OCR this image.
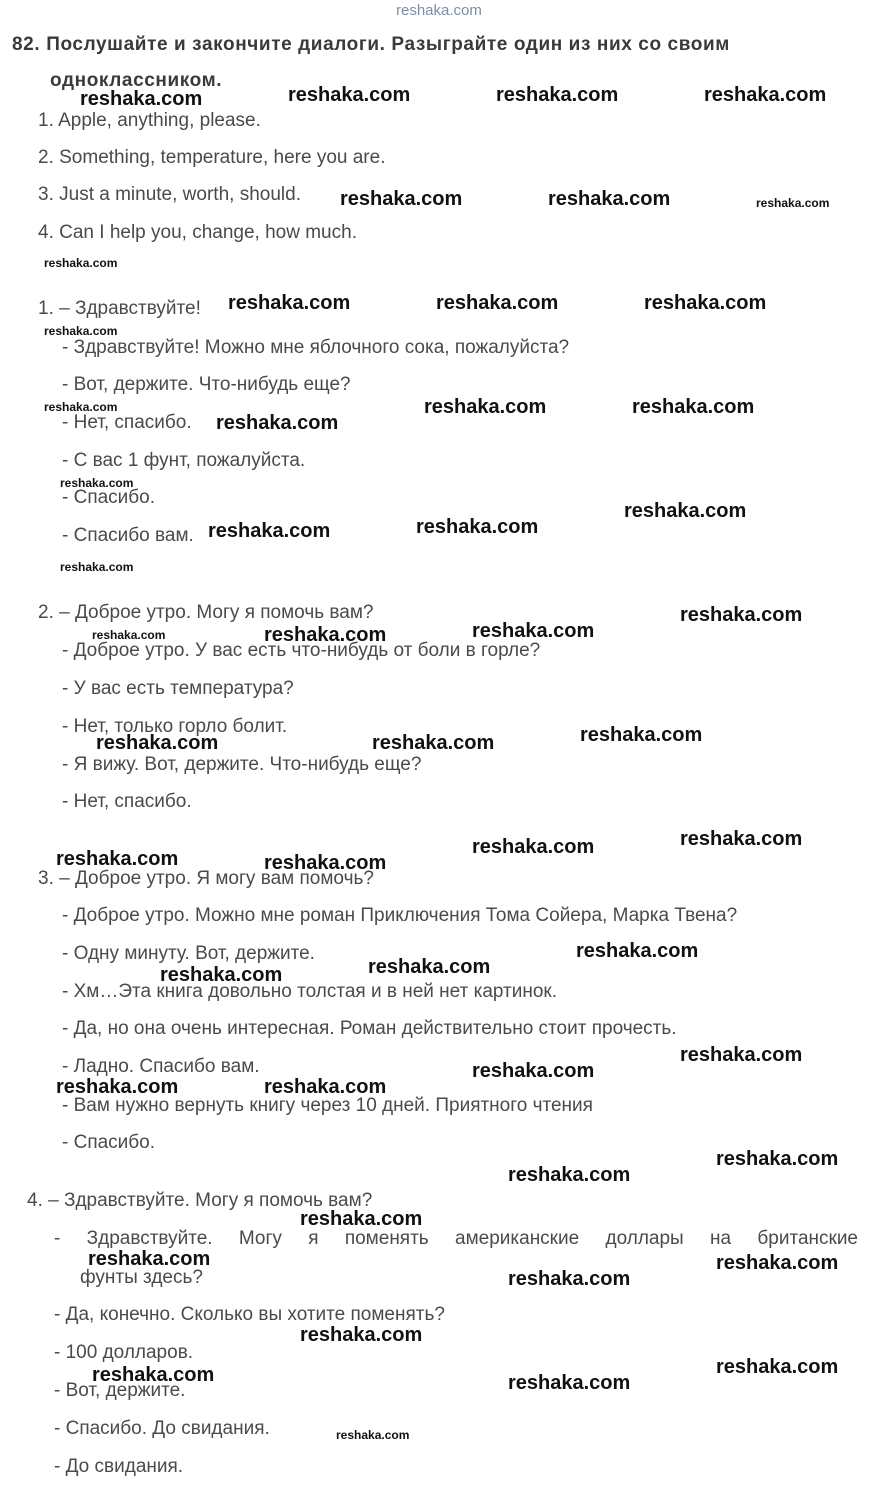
reshaka.com
82. Послушайте и закончите диалоги. Разыграйте один из них со своим
одноклассником.
1. Apple, anything, please.
2. Something, temperature, here you are.
3. Just a minute, worth, should.
4. Can I help you, change, how much.
1. – Здравствуйте!
- Здравствуйте! Можно мне яблочного сока, пожалуйста?
- Вот, держите. Что-нибудь еще?
- Нет, спасибо.
- С вас 1 фунт, пожалуйста.
- Спасибо.
- Спасибо вам.
2. – Доброе утро. Могу я помочь вам?
- Доброе утро. У вас есть что-нибудь от боли в горле?
- У вас есть температура?
- Нет, только горло болит.
- Я вижу. Вот, держите. Что-нибудь еще?
- Нет, спасибо.
3. – Доброе утро. Я могу вам помочь?
- Доброе утро. Можно мне роман Приключения Тома Сойера, Марка Твена?
- Одну минуту. Вот, держите.
- Хм…Эта книга довольно толстая и в ней нет картинок.
- Да, но она очень интересная. Роман действительно стоит прочесть.
- Ладно. Спасибо вам.
- Вам нужно вернуть книгу через 10 дней. Приятного чтения
- Спасибо.
4. – Здравствуйте. Могу я помочь вам?
- Здравствуйте. Могу я поменять американские доллары на британские
фунты здесь?
- Да, конечно. Сколько вы хотите поменять?
- 100 долларов.
- Вот, держите.
- Спасибо. До свидания.
- До свидания.
reshaka.com	reshaka.com	reshaka.com	reshaka.com
reshaka.com	reshaka.com
reshaka.com	reshaka.com	reshaka.com
reshaka.com	reshaka.com
reshaka.com
reshaka.com
reshaka.com
reshaka.com
reshaka.com
reshaka.com
reshaka.com
reshaka.com
reshaka.com	reshaka.com
reshaka.com
reshaka.com
reshaka.com	reshaka.com
reshaka.com
reshaka.com
reshaka.com
reshaka.com
reshaka.com
reshaka.com	reshaka.com
reshaka.com
reshaka.com
reshaka.com
reshaka.com	reshaka.com
reshaka.com
reshaka.com
reshaka.com
reshaka.com	reshaka.com
reshaka.com
reshaka.com
reshaka.com
reshaka.com
reshaka.com
reshaka.com
reshaka.com
reshaka.com
